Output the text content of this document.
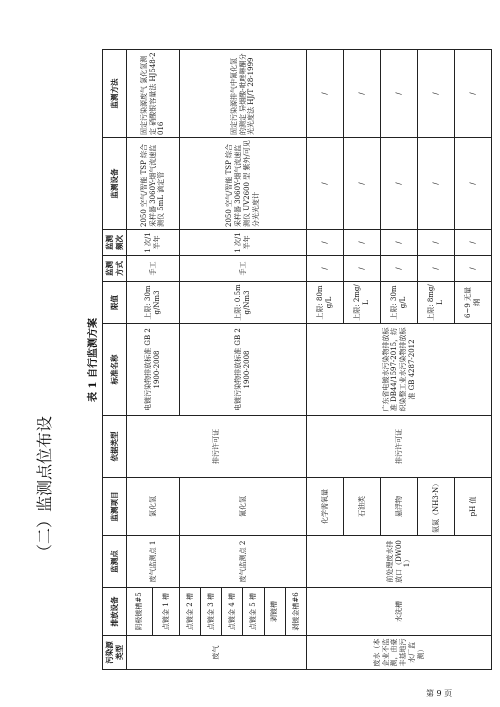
（二）监测点位布设
表 1 自行监测方案
污染源类型	排放设备	监测点	监测项目	依据类型	标准名称	限值	监测方式	监测频次	监测设备	监测方法
废气	阴极镀槽#5	废气监测点 1	氯化氢	排污许可证	电镀污染物排放标准 GB 21900-2008	上限: 30mg/Nm3	手工	1 次/1 半年	2050 空气/智能 TSP 综合采样器 3060Y-烟气流速监测仪 5mL 滴定管	固定污染源废气 氯化氢测定 硝酸银容量法 HJ548-2016
	点镀金 1 槽									
	点镀金 2 槽	废气监测点 2	氰化氢		电镀污染物排放标准 GB 21900-2008	上限: 0.5mg/Nm3	手工	1 次/1 半年	2050 空气/智能 TSP 综合采样器 3060Y-烟气流速监测仪 UV2600 型 紫外/可见分光光度计	固定污染源排气中氰化氢的测定 异烟酸-吡唑啉酮分光光度法 HJ/T 28-1999
	点镀金 3 槽									
	点镀金 4 槽									
	点镀金 5 槽									
	剥镀槽									
	剥镀金槽#6									
废水（本企业不监测，由豪丰基地污水厂监测）	水洗槽	前处理废水排放口（DW001）	化学需氧量	排污许可证	广东省电镀水污染物排放标准 DB44/1597-2015，纺织染整工业水污染物排放标准 GB 4287-2012	上限: 80mg/L	/	/	/	/
			石油类			上限: 2mg/L	/	/	/	/
			悬浮物			上限: 30mg/L	/	/	/	/
			氨氮（NH3-N）			上限: 8mg/L	/	/	/	/
			pH 值			6~9 无量纲	/	/	/	/
第 9 页
